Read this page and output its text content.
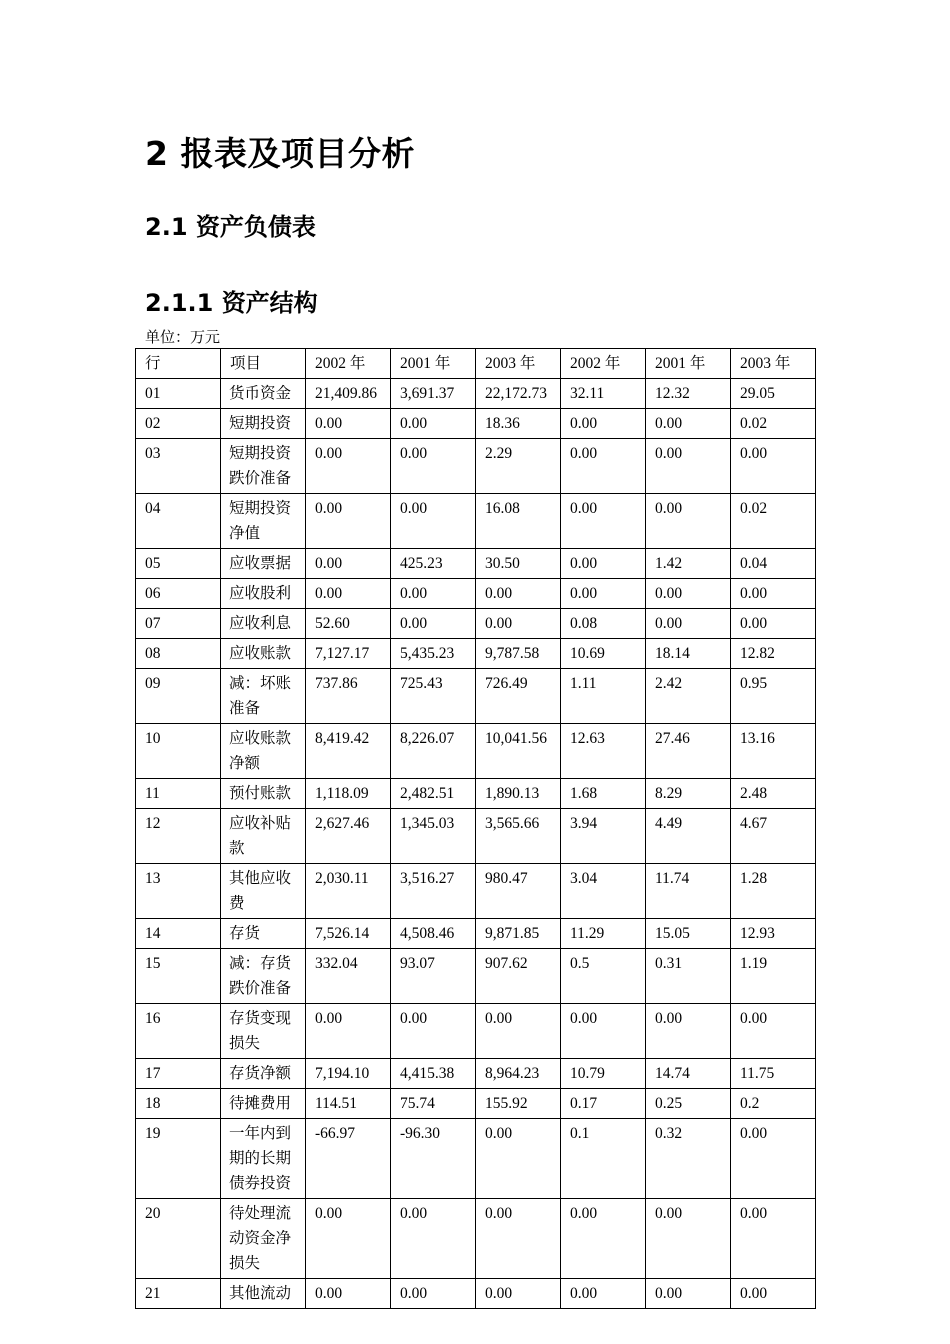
2 报表及项目分析
2.1 资产负债表
2.1.1 资产结构
单位：万元
行	项目	2002 年	2001 年	2003 年	2002 年	2001 年	2003 年
01	货币资金	21,409.86	3,691.37	22,172.73	32.11	12.32	29.05
02	短期投资	0.00	0.00	18.36	0.00	0.00	0.02
03	短期投资跌价准备	0.00	0.00	2.29	0.00	0.00	0.00
04	短期投资净值	0.00	0.00	16.08	0.00	0.00	0.02
05	应收票据	0.00	425.23	30.50	0.00	1.42	0.04
06	应收股利	0.00	0.00	0.00	0.00	0.00	0.00
07	应收利息	52.60	0.00	0.00	0.08	0.00	0.00
08	应收账款	7,127.17	5,435.23	9,787.58	10.69	18.14	12.82
09	减：坏账准备	737.86	725.43	726.49	1.11	2.42	0.95
10	应收账款净额	8,419.42	8,226.07	10,041.56	12.63	27.46	13.16
11	预付账款	1,118.09	2,482.51	1,890.13	1.68	8.29	2.48
12	应收补贴款	2,627.46	1,345.03	3,565.66	3.94	4.49	4.67
13	其他应收费	2,030.11	3,516.27	980.47	3.04	11.74	1.28
14	存货	7,526.14	4,508.46	9,871.85	11.29	15.05	12.93
15	减：存货跌价准备	332.04	93.07	907.62	0.5	0.31	1.19
16	存货变现损失	0.00	0.00	0.00	0.00	0.00	0.00
17	存货净额	7,194.10	4,415.38	8,964.23	10.79	14.74	11.75
18	待摊费用	114.51	75.74	155.92	0.17	0.25	0.2
19	一年内到期的长期债券投资	-66.97	-96.30	0.00	0.1	0.32	0.00
20	待处理流动资金净损失	0.00	0.00	0.00	0.00	0.00	0.00
21	其他流动	0.00	0.00	0.00	0.00	0.00	0.00
